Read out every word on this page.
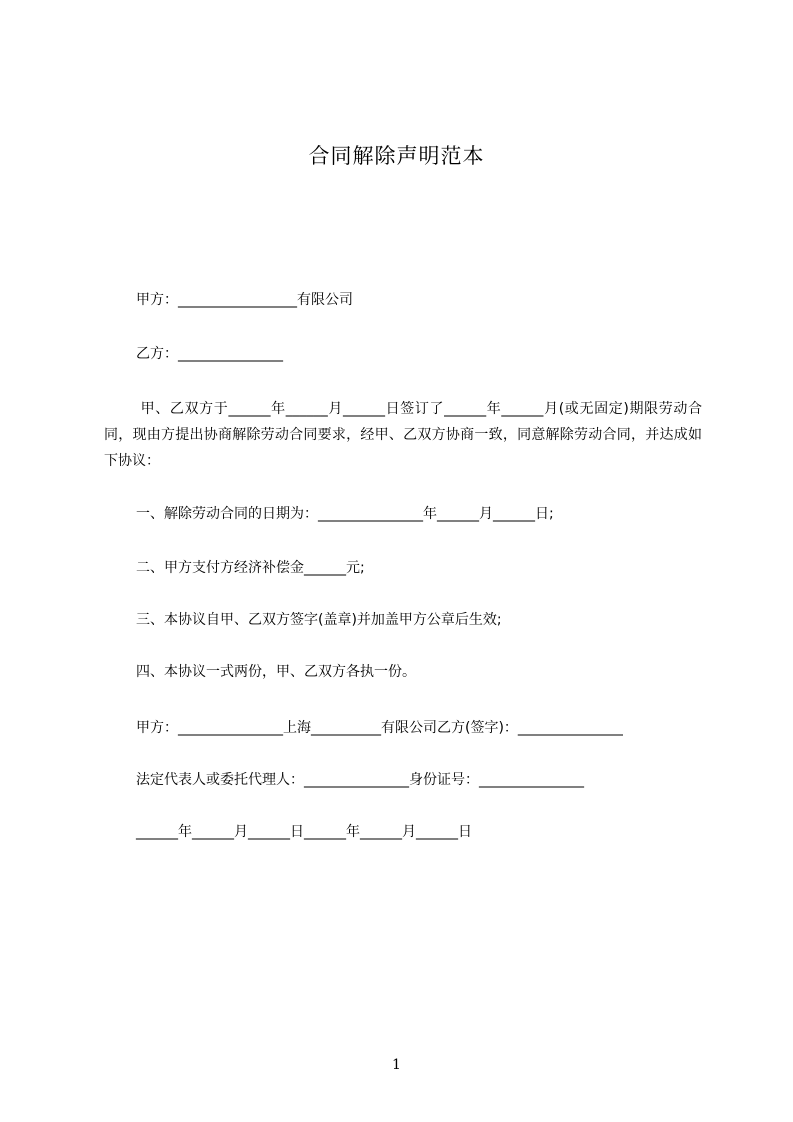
合同解除声明范本
甲方：_________________有限公司
乙方：_______________
甲、乙双方于______年______月______日签订了______年______月(或无固定)期限劳动合同，现由方提出协商解除劳动合同要求，经甲、乙双方协商一致，同意解除劳动合同，并达成如下协议：
一、解除劳动合同的日期为：_______________年______月______日;
二、甲方支付方经济补偿金______元;
三、本协议自甲、乙双方签字(盖章)并加盖甲方公章后生效;
四、本协议一式两份，甲、乙双方各执一份。
甲方：_______________上海__________有限公司乙方(签字)：_______________
法定代表人或委托代理人：_______________身份证号：_______________
______年______月______日______年______月______日
1
